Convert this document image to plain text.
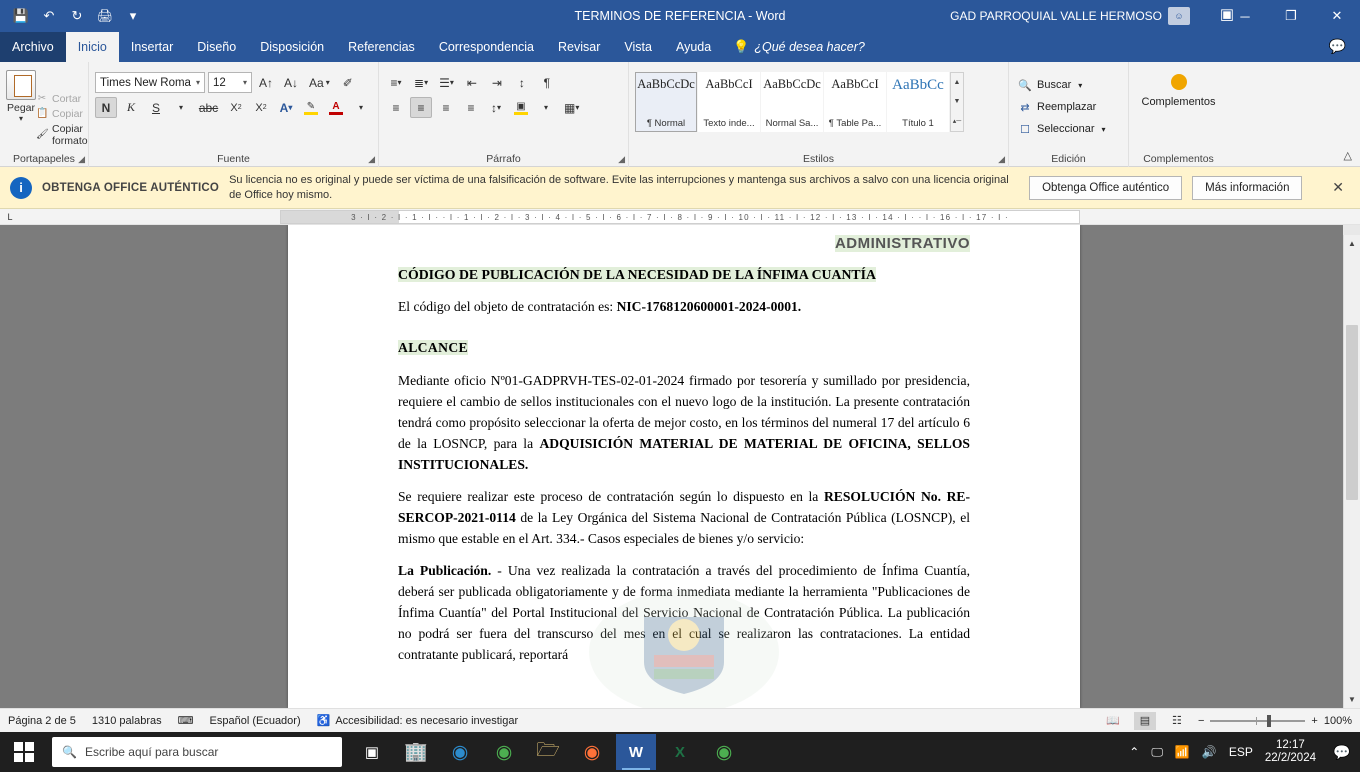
💾	↶	↻	🖨	▾	TERMINOS DE REFERENCIA - Word	GAD PARROQUIAL VALLE HERMOSO	☺	▣ ─	❐	✕
Archivo	Inicio	Insertar	Diseño	Disposición	Referencias	Correspondencia	Revisar	Vista	Ayuda	💡 ¿Qué desea hacer?	💬
Pegar
▾
✂ Cortar
📋 Copiar
🖌 Copiar formato
Portapapeles ◢
Times New Roma ▾ 12 ▾	A↑ A↓ Aa ▾	✐
N	K	S	▾	abc	X 2	X 2	A ▾ ✎ A	▾
Fuente	◢
≡ ▾	≣ ▾ ☰ ▾	⇤	⇥	↕	¶
≡	≡	≡	≡	↕ ▾ ▣	▾	▦ ▾
Párrafo	◢
AaBbCcDc
¶ Normal
AaBbCcI
Texto inde...
AaBbCcDc
Normal Sa...
AaBbCcI
¶ Table Pa...
AaBbCc
Título 1
▲
▼
▴─
Estilos	◢
🔍 Buscar ▾
⇄ Reemplazar
☐ Seleccionar ▾
Edición
Complementos
Complementos	△
i	OBTENGA OFFICE AUTÉNTICO
Su licencia no es original y puede ser víctima de una falsificación de software. Evite las interrupciones y mantenga sus archivos a salvo con una licencia original de Office hoy mismo.
Obtenga Office auténtico	Más información	✕
L	3 · I · 2 · I · 1 · I · · I · 1 · I · 2 · I · 3 · I · 4 · I · 5 · I · 6 · I · 7 · I · 8 · I · 9 · I · 10 · I · 11 · I · 12 · I · 13 · I · 14 · I · · I · 16 · I · 17 · I ·
ADMINISTRATIVO
CÓDIGO DE PUBLICACIÓN DE LA NECESIDAD DE LA ÍNFIMA CUANTÍA
El código del objeto de contratación es: NIC-1768120600001-2024-0001.
ALCANCE
Mediante oficio Nº01-GADPRVH-TES-02-01-2024 firmado por tesorería y sumillado por presidencia, requiere el cambio de sellos institucionales con el nuevo logo de la institución. La presente contratación tendrá como propósito seleccionar la oferta de mejor costo, en los términos del numeral 17 del artículo 6 de la LOSNCP, para la ADQUISICIÓN MATERIAL DE MATERIAL DE OFICINA, SELLOS INSTITUCIONALES.
Se requiere realizar este proceso de contratación según lo dispuesto en la RESOLUCIÓN No. RE-SERCOP-2021-0114 de la Ley Orgánica del Sistema Nacional de Contratación Pública (LOSNCP), el mismo que estable en el Art. 334.- Casos especiales de bienes y/o servicio:
La Publicación. - Una vez realizada la contratación a través del procedimiento de Ínfima Cuantía, deberá ser publicada obligatoriamente y de forma inmediata mediante la herramienta "Publicaciones de Ínfima Cuantía" del Portal Institucional del Servicio Nacional de Contratación Pública. La publicación no podrá ser fuera del transcurso del mes en el cual se realizaron las contrataciones. La entidad contratante publicará, reportará
▲
▼
Página 2 de 5 1310 palabras ⌨ Español (Ecuador) ♿ Accesibilidad: es necesario investigar	📖	▤	☷	−	+ 100%
🔍 Escribe aquí para buscar	▣	🏢	◉	◉	🗁	◉	W	X	◉	⌃ 🖵 📶 🔊 ESP
12:17
22/2/2024	💬
